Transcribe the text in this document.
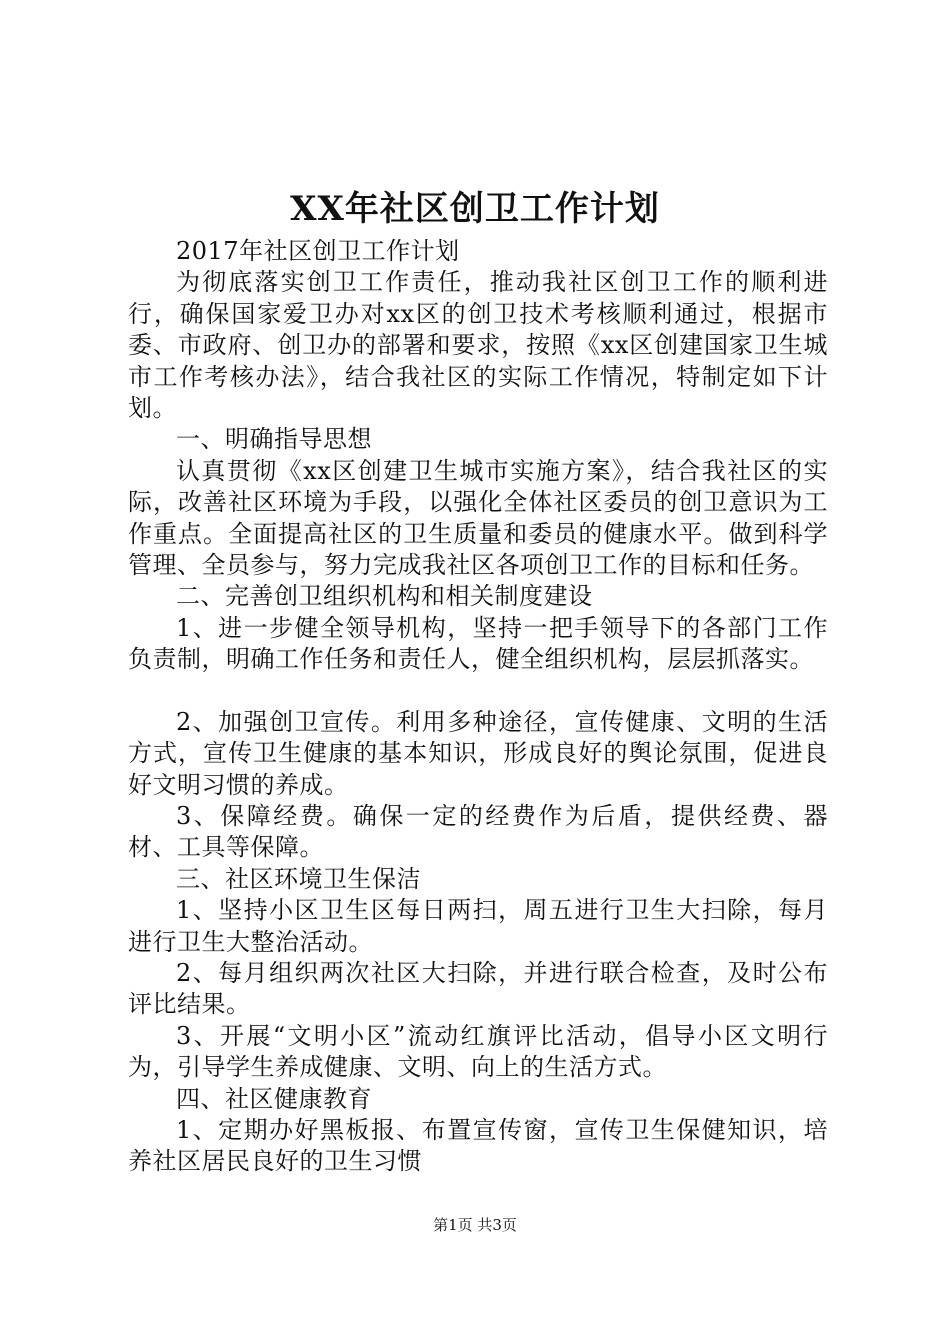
XX年社区创卫工作计划

2017年社区创卫工作计划

为彻底落实创卫工作责任，推动我社区创卫工作的顺利进行，确保国家爱卫办对xx区的创卫技术考核顺利通过，根据市委、市政府、创卫办的部署和要求，按照《xx区创建国家卫生城市工作考核办法》，结合我社区的实际工作情况，特制定如下计划。

一、明确指导思想

认真贯彻《xx区创建卫生城市实施方案》，结合我社区的实际，改善社区环境为手段，以强化全体社区委员的创卫意识为工作重点。全面提高社区的卫生质量和委员的健康水平。做到科学管理、全员参与，努力完成我社区各项创卫工作的目标和任务。

二、完善创卫组织机构和相关制度建设

1、进一步健全领导机构，坚持一把手领导下的各部门工作负责制，明确工作任务和责任人，健全组织机构，层层抓落实。

2、加强创卫宣传。利用多种途径，宣传健康、文明的生活方式，宣传卫生健康的基本知识，形成良好的舆论氛围，促进良好文明习惯的养成。

3、保障经费。确保一定的经费作为后盾，提供经费、器材、工具等保障。

三、社区环境卫生保洁

1、坚持小区卫生区每日两扫，周五进行卫生大扫除，每月进行卫生大整治活动。

2、每月组织两次社区大扫除，并进行联合检查，及时公布评比结果。

3、开展“文明小区”流动红旗评比活动，倡导小区文明行为，引导学生养成健康、文明、向上的生活方式。

四、社区健康教育

1、定期办好黑板报、布置宣传窗，宣传卫生保健知识，培养社区居民良好的卫生习惯

第1页 共3页
